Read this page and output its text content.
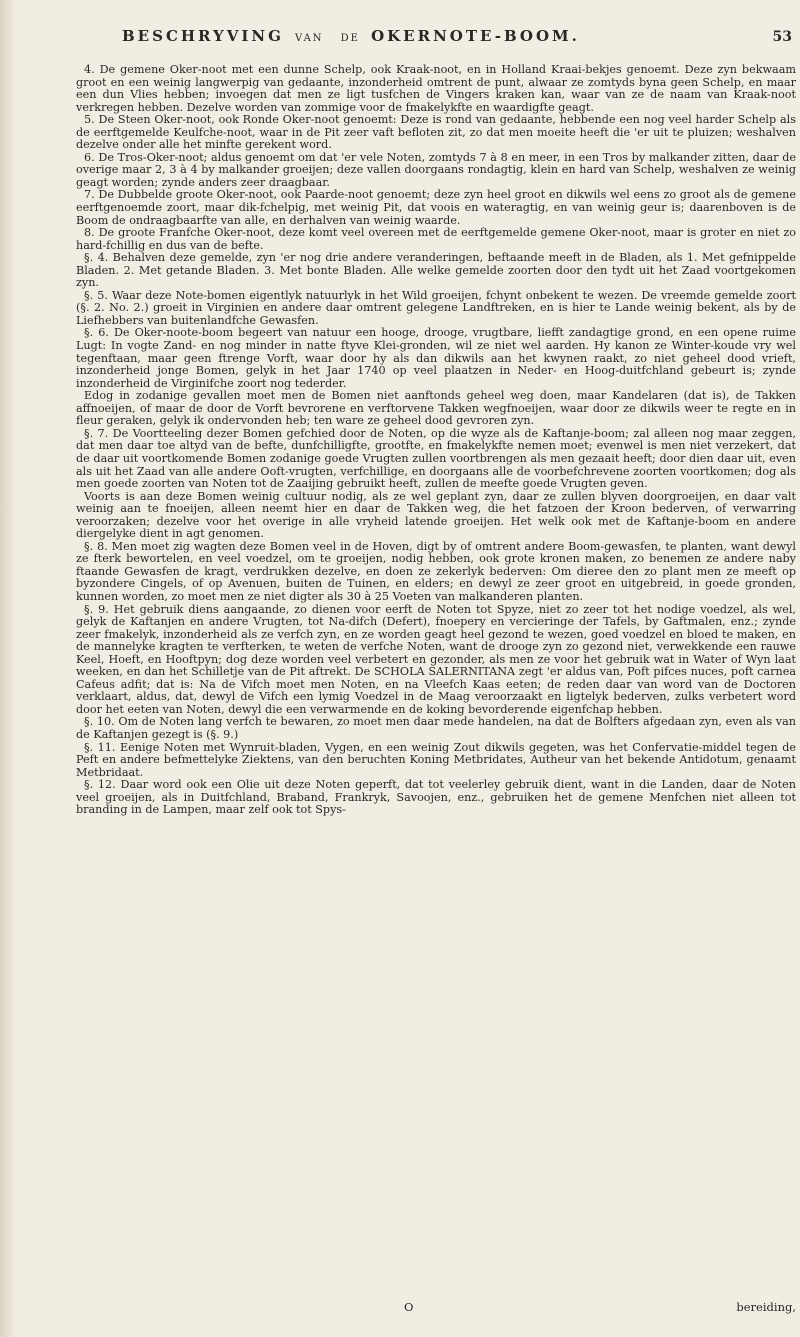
BESCHRYVING VAN DE OKERNOTE-BOOM.	53

4. De gemene Oker-noot met een dunne Schelp, ook Kraak-noot, en in Holland Kraai-bekjes genoemt. Deze zyn bekwaam groot en een weinig langwerpig van gedaante, inzonderheid omtrent de punt, alwaar ze zomtyds byna geen Schelp, en maar een dun Vlies hebben; invoegen dat men ze ligt tusfchen de Vingers kraken kan, waar van ze de naam van Kraak-noot verkregen hebben. Dezelve worden van zommige voor de fmakelykfte en waardigfte geagt.

5. De Steen Oker-noot, ook Ronde Oker-noot genoemt: Deze is rond van gedaante, hebbende een nog veel harder Schelp als de eerftgemelde Keulfche-noot, waar in de Pit zeer vaft befloten zit, zo dat men moeite heeft die 'er uit te pluizen; weshalven dezelve onder alle het minfte gerekent word.

6. De Tros-Oker-noot; aldus genoemt om dat 'er vele Noten, zomtyds 7 à 8 en meer, in een Tros by malkander zitten, daar de overige maar 2, 3 à 4 by malkander groeijen; deze vallen doorgaans rondagtig, klein en hard van Schelp, weshalven ze weinig geagt worden; zynde anders zeer draagbaar.

7. De Dubbelde groote Oker-noot, ook Paarde-noot genoemt; deze zyn heel groot en dikwils wel eens zo groot als de gemene eerftgenoemde zoort, maar dik-fchelpig, met weinig Pit, dat voois en wateragtig, en van weinig geur is; daarenboven is de Boom de ondraagbaarfte van alle, en derhalven van weinig waarde.

8. De groote Franfche Oker-noot, deze komt veel overeen met de eerftgemelde gemene Oker-noot, maar is groter en niet zo hard-fchillig en dus van de befte.

§. 4. Behalven deze gemelde, zyn 'er nog drie andere veranderingen, beftaande meeft in de Bladen, als 1. Met gefnippelde Bladen. 2. Met getande Bladen. 3. Met bonte Bladen. Alle welke gemelde zoorten door den tydt uit het Zaad voortgekomen zyn.

§. 5. Waar deze Note-bomen eigentlyk natuurlyk in het Wild groeijen, fchynt onbekent te wezen. De vreemde gemelde zoort (§. 2. No. 2.) groeit in Virginien en andere daar omtrent gelegene Landftreken, en is hier te Lande weinig bekent, als by de Liefhebbers van buitenlandfche Gewasfen.

§. 6. De Oker-noote-boom begeert van natuur een hooge, drooge, vrugtbare, liefft zandagtige grond, en een opene ruime Lugt: In vogte Zand- en nog minder in natte ftyve Klei-gronden, wil ze niet wel aarden. Hy kanon ze Winter-koude vry wel tegenftaan, maar geen ftrenge Vorft, waar door hy als dan dikwils aan het kwynen raakt, zo niet geheel dood vrieft, inzonderheid jonge Bomen, gelyk in het Jaar 1740 op veel plaatzen in Neder- en Hoog-duitfchland gebeurt is; zynde inzonderheid de Virginifche zoort nog tederder.

Edog in zodanige gevallen moet men de Bomen niet aanftonds geheel weg doen, maar Kandelaren (dat is), de Takken affnoeijen, of maar de door de Vorft bevrorene en verftorvene Takken wegfnoeijen, waar door ze dikwils weer te regte en in fleur geraken, gelyk ik ondervonden heb; ten ware ze geheel dood gevroren zyn.

§. 7. De Voortteeling dezer Bomen gefchied door de Noten, op die wyze als de Kaftanje-boom; zal alleen nog maar zeggen, dat men daar toe altyd van de befte, dunfchilligfte, grootfte, en fmakelykfte nemen moet; evenwel is men niet verzekert, dat de daar uit voortkomende Bomen zodanige goede Vrugten zullen voortbrengen als men gezaait heeft; door dien daar uit, even als uit het Zaad van alle andere Ooft-vrugten, verfchillige, en doorgaans alle de voorbefchrevene zoorten voortkomen; dog als men goede zoorten van Noten tot de Zaaijing gebruikt heeft, zullen de meefte goede Vrugten geven.

Voorts is aan deze Bomen weinig cultuur nodig, als ze wel geplant zyn, daar ze zullen blyven doorgroeijen, en daar valt weinig aan te fnoeijen, alleen neemt hier en daar de Takken weg, die het fatzoen der Kroon bederven, of verwarring veroorzaken; dezelve voor het overige in alle vryheid latende groeijen. Het welk ook met de Kaftanje-boom en andere diergelyke dient in agt genomen.

§. 8. Men moet zig wagten deze Bomen veel in de Hoven, digt by of omtrent andere Boom-gewasfen, te planten, want dewyl ze fterk bewortelen, en veel voedzel, om te groeijen, nodig hebben, ook grote kronen maken, zo benemen ze andere naby ftaande Gewasfen de kragt, verdrukken dezelve, en doen ze zekerlyk bederven: Om dieree den zo plant men ze meeft op byzondere Cingels, of op Avenuen, buiten de Tuinen, en elders; en dewyl ze zeer groot en uitgebreid, in goede gronden, kunnen worden, zo moet men ze niet digter als 30 à 25 Voeten van malkanderen planten.

§. 9. Het gebruik diens aangaande, zo dienen voor eerft de Noten tot Spyze, niet zo zeer tot het nodige voedzel, als wel, gelyk de Kaftanjen en andere Vrugten, tot Na-difch (Defert), fnoepery en vercieringe der Tafels, by Gaftmalen, enz.; zynde zeer fmakelyk, inzonderheid als ze verfch zyn, en ze worden geagt heel gezond te wezen, goed voedzel en bloed te maken, en de mannelyke kragten te verfterken, te weten de verfche Noten, want de drooge zyn zo gezond niet, verwekkende een rauwe Keel, Hoeft, en Hooftpyn; dog deze worden veel verbetert en gezonder, als men ze voor het gebruik wat in Water of Wyn laat weeken, en dan het Schilletje van de Pit aftrekt. De SCHOLA SALERNITANA zegt 'er aldus van, Poft pifces nuces, poft carnea Cafeus adfit; dat is: Na de Vifch moet men Noten, en na Vleefch Kaas eeten; de reden daar van word van de Doctoren verklaart, aldus, dat, dewyl de Vifch een lymig Voedzel in de Maag veroorzaakt en ligtelyk bederven, zulks verbetert word door het eeten van Noten, dewyl die een verwarmende en de koking bevorderende eigenfchap hebben.

§. 10. Om de Noten lang verfch te bewaren, zo moet men daar mede handelen, na dat de Bolfters afgedaan zyn, even als van de Kaftanjen gezegt is (§. 9.)

§. 11. Eenige Noten met Wynruit-bladen, Vygen, en een weinig Zout dikwils gegeten, was het Confervatie-middel tegen de Peft en andere befmettelyke Ziektens, van den beruchten Koning Metbridates, Autheur van het bekende Antidotum, genaamt Metbridaat.

§. 12. Daar word ook een Olie uit deze Noten geperft, dat tot veelerley gebruik dient, want in die Landen, daar de Noten veel groeijen, als in Duitfchland, Braband, Frankryk, Savoojen, enz., gebruiken het de gemene Menfchen niet alleen tot branding in de Lampen, maar zelf ook tot Spys-

O	bereiding,
